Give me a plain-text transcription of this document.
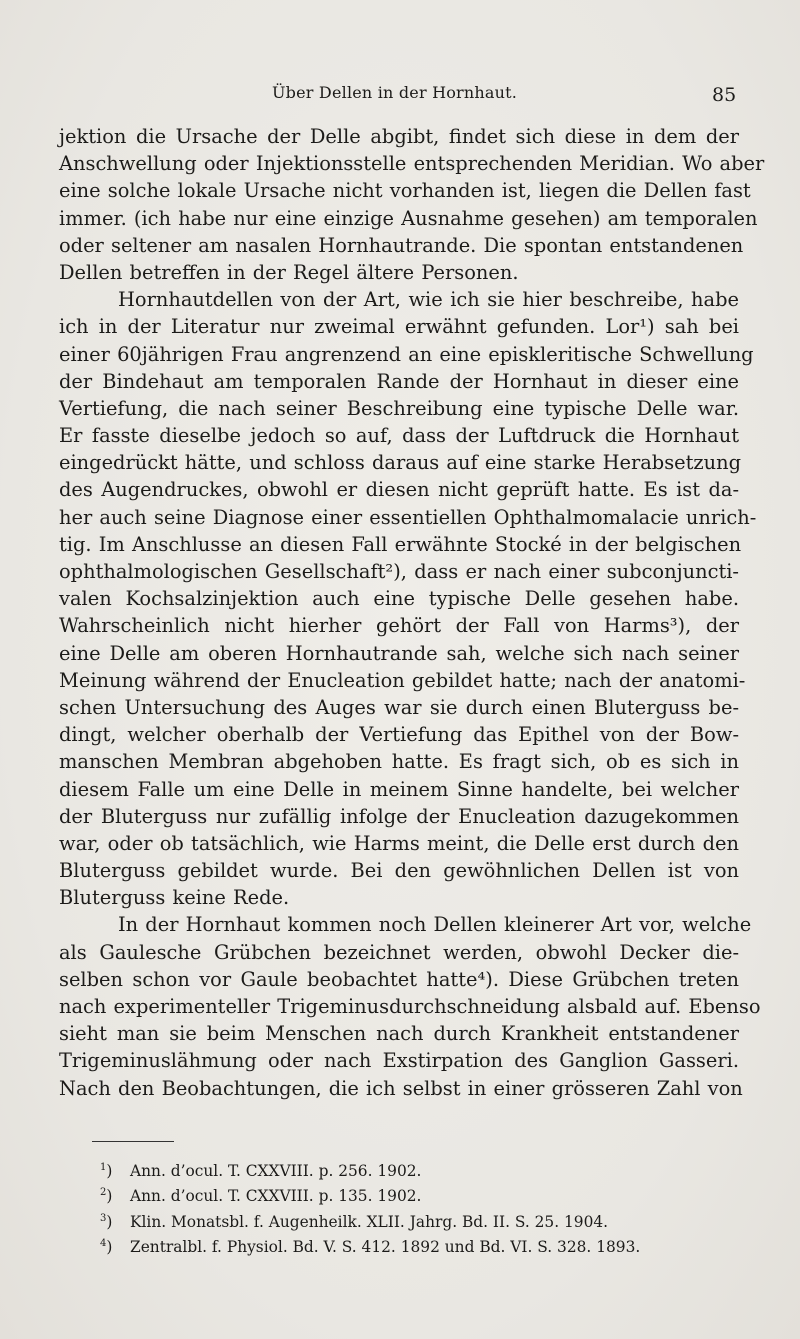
Über Dellen in der Hornhaut.	85
jektion die Ursache der Delle abgibt, findet sich diese in dem der
Anschwellung oder Injektionsstelle entsprechenden Meridian. Wo aber
eine solche lokale Ursache nicht vorhanden ist, liegen die Dellen fast
immer. (ich habe nur eine einzige Ausnahme gesehen) am temporalen
oder seltener am nasalen Hornhautrande. Die spontan entstandenen
Dellen betreffen in der Regel ältere Personen.
Hornhautdellen von der Art, wie ich sie hier beschreibe, habe
ich in der Literatur nur zweimal erwähnt gefunden. Lor¹) sah bei
einer 60jährigen Frau angrenzend an eine episkleritische Schwellung
der Bindehaut am temporalen Rande der Hornhaut in dieser eine
Vertiefung, die nach seiner Beschreibung eine typische Delle war.
Er fasste dieselbe jedoch so auf, dass der Luftdruck die Hornhaut
eingedrückt hätte, und schloss daraus auf eine starke Herabsetzung
des Augendruckes, obwohl er diesen nicht geprüft hatte. Es ist da-
her auch seine Diagnose einer essentiellen Ophthalmomalacie unrich-
tig. Im Anschlusse an diesen Fall erwähnte Stocké in der belgischen
ophthalmologischen Gesellschaft²), dass er nach einer subconjuncti-
valen Kochsalzinjektion auch eine typische Delle gesehen habe.
Wahrscheinlich nicht hierher gehört der Fall von Harms³), der
eine Delle am oberen Hornhautrande sah, welche sich nach seiner
Meinung während der Enucleation gebildet hatte; nach der anatomi-
schen Untersuchung des Auges war sie durch einen Bluterguss be-
dingt, welcher oberhalb der Vertiefung das Epithel von der Bow-
manschen Membran abgehoben hatte. Es fragt sich, ob es sich in
diesem Falle um eine Delle in meinem Sinne handelte, bei welcher
der Bluterguss nur zufällig infolge der Enucleation dazugekommen
war, oder ob tatsächlich, wie Harms meint, die Delle erst durch den
Bluterguss gebildet wurde. Bei den gewöhnlichen Dellen ist von
Bluterguss keine Rede.
In der Hornhaut kommen noch Dellen kleinerer Art vor, welche
als Gaulesche Grübchen bezeichnet werden, obwohl Decker die-
selben schon vor Gaule beobachtet hatte⁴). Diese Grübchen treten
nach experimenteller Trigeminusdurchschneidung alsbald auf. Ebenso
sieht man sie beim Menschen nach durch Krankheit entstandener
Trigeminuslähmung oder nach Exstirpation des Ganglion Gasseri.
Nach den Beobachtungen, die ich selbst in einer grösseren Zahl von
$^1$) Ann. d’ocul. T. CXXVIII. p. 256. 1902.
$^2$) Ann. d’ocul. T. CXXVIII. p. 135. 1902.
$^3$) Klin. Monatsbl. f. Augenheilk. XLII. Jahrg. Bd. II. S. 25. 1904.
$^4$) Zentralbl. f. Physiol. Bd. V. S. 412. 1892 und Bd. VI. S. 328. 1893.
